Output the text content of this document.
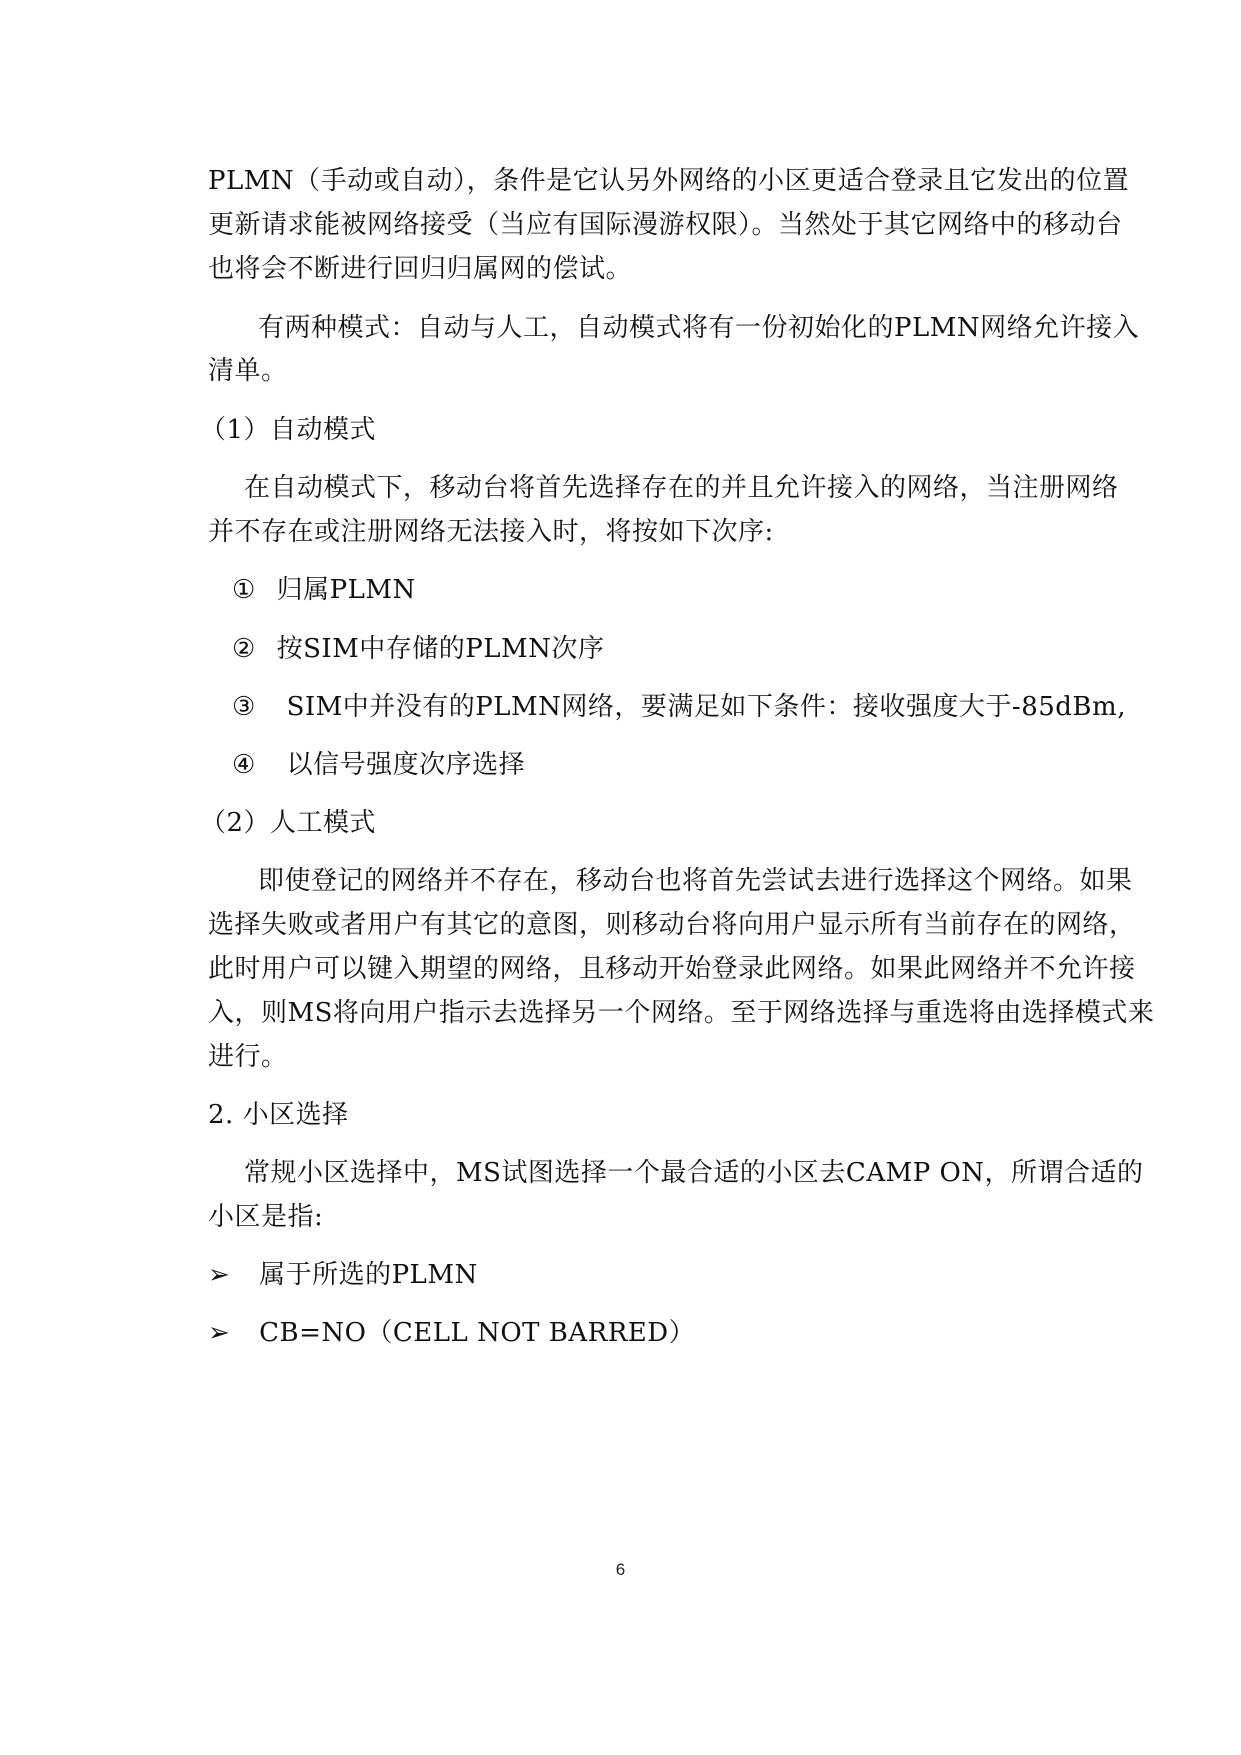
PLMN（手动或自动），条件是它认另外网络的小区更适合登录且它发出的位置
更新请求能被网络接受（当应有国际漫游权限）。当然处于其它网络中的移动台
也将会不断进行回归归属网的偿试。
有两种模式：自动与人工，自动模式将有一份初始化的PLMN网络允许接入
清单。
（1）自动模式
在自动模式下，移动台将首先选择存在的并且允许接入的网络，当注册网络
并不存在或注册网络无法接入时，将按如下次序:
① 归属PLMN
② 按SIM中存储的PLMN次序
③ SIM中并没有的PLMN网络，要满足如下条件：接收强度大于-85dBm,
④ 以信号强度次序选择
（2）人工模式
即使登记的网络并不存在，移动台也将首先尝试去进行选择这个网络。如果
选择失败或者用户有其它的意图，则移动台将向用户显示所有当前存在的网络，
此时用户可以键入期望的网络，且移动开始登录此网络。如果此网络并不允许接
入，则MS将向用户指示去选择另一个网络。至于网络选择与重选将由选择模式来
进行。
2. 小区选择
常规小区选择中，MS试图选择一个最合适的小区去CAMP ON，所谓合适的
小区是指:
➢ 属于所选的PLMN
➢ CB=NO（CELL NOT BARRED）
6
